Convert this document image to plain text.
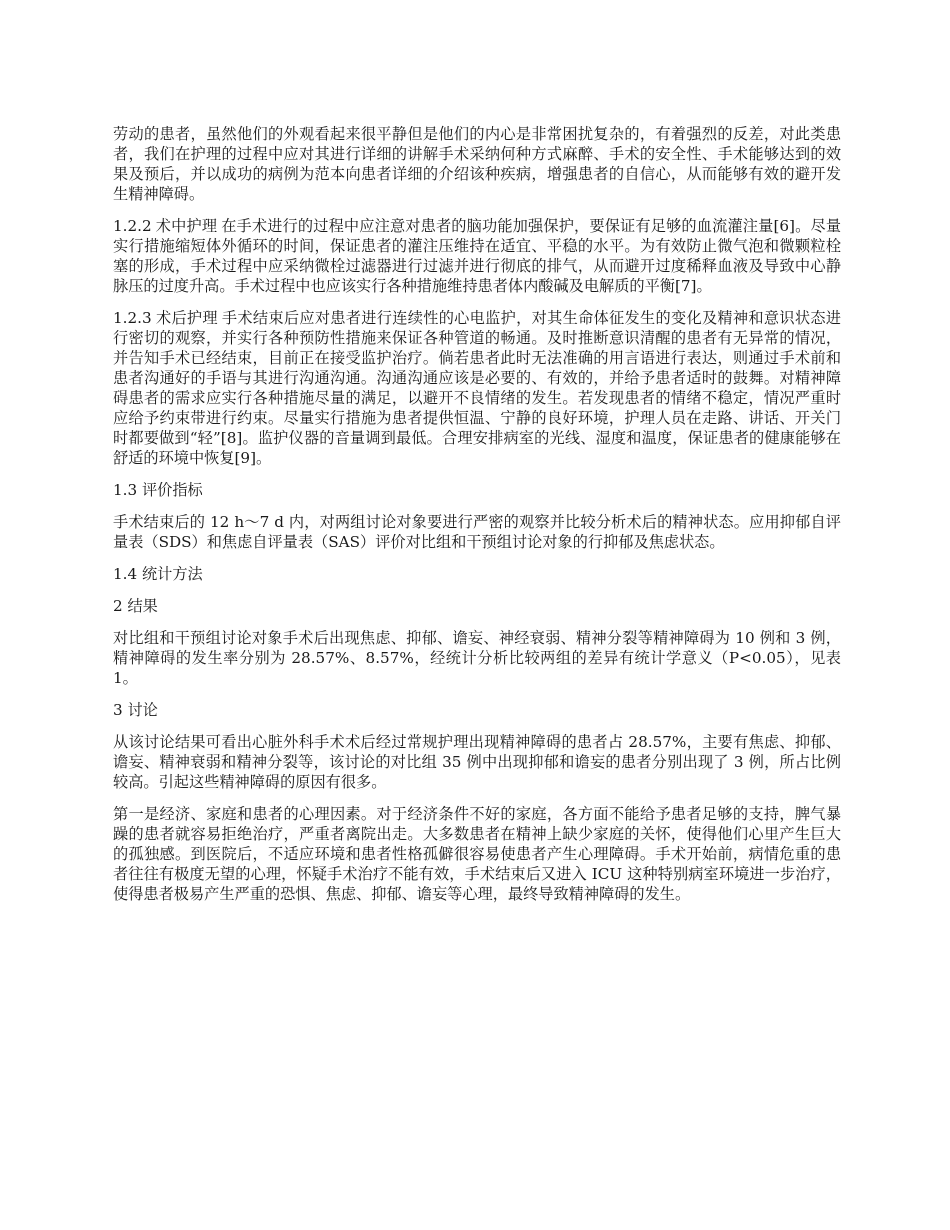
劳动的患者，虽然他们的外观看起来很平静但是他们的内心是非常困扰复杂的，有着强烈的反差，对此类患者，我们在护理的过程中应对其进行详细的讲解手术采纳何种方式麻醉、手术的安全性、手术能够达到的效果及预后，并以成功的病例为范本向患者详细的介绍该种疾病，增强患者的自信心，从而能够有效的避开发生精神障碍。

1.2.2 术中护理 在手术进行的过程中应注意对患者的脑功能加强保护，要保证有足够的血流灌注量[6]。尽量实行措施缩短体外循环的时间，保证患者的灌注压维持在适宜、平稳的水平。为有效防止微气泡和微颗粒栓塞的形成，手术过程中应采纳微栓过滤器进行过滤并进行彻底的排气，从而避开过度稀释血液及导致中心静脉压的过度升高。手术过程中也应该实行各种措施维持患者体内酸碱及电解质的平衡[7]。

1.2.3 术后护理 手术结束后应对患者进行连续性的心电监护，对其生命体征发生的变化及精神和意识状态进行密切的观察，并实行各种预防性措施来保证各种管道的畅通。及时推断意识清醒的患者有无异常的情况，并告知手术已经结束，目前正在接受监护治疗。倘若患者此时无法准确的用言语进行表达，则通过手术前和患者沟通好的手语与其进行沟通沟通。沟通沟通应该是必要的、有效的，并给予患者适时的鼓舞。对精神障碍患者的需求应实行各种措施尽量的满足，以避开不良情绪的发生。若发现患者的情绪不稳定，情况严重时应给予约束带进行约束。尽量实行措施为患者提供恒温、宁静的良好环境，护理人员在走路、讲话、开关门时都要做到“轻”[8]。监护仪器的音量调到最低。合理安排病室的光线、湿度和温度，保证患者的健康能够在舒适的环境中恢复[9]。

1.3 评价指标

手术结束后的 12 h～7 d 内，对两组讨论对象要进行严密的观察并比较分析术后的精神状态。应用抑郁自评量表（SDS）和焦虑自评量表（SAS）评价对比组和干预组讨论对象的行抑郁及焦虑状态。

1.4 统计方法

2 结果

对比组和干预组讨论对象手术后出现焦虑、抑郁、谵妄、神经衰弱、精神分裂等精神障碍为 10 例和 3 例，精神障碍的发生率分别为 28.57%、8.57%，经统计分析比较两组的差异有统计学意义（P<0.05），见表 1。

3 讨论

从该讨论结果可看出心脏外科手术术后经过常规护理出现精神障碍的患者占 28.57%，主要有焦虑、抑郁、谵妄、精神衰弱和精神分裂等，该讨论的对比组 35 例中出现抑郁和谵妄的患者分别出现了 3 例，所占比例较高。引起这些精神障碍的原因有很多。

第一是经济、家庭和患者的心理因素。对于经济条件不好的家庭，各方面不能给予患者足够的支持，脾气暴躁的患者就容易拒绝治疗，严重者离院出走。大多数患者在精神上缺少家庭的关怀，使得他们心里产生巨大的孤独感。到医院后，不适应环境和患者性格孤僻很容易使患者产生心理障碍。手术开始前，病情危重的患者往往有极度无望的心理，怀疑手术治疗不能有效，手术结束后又进入 ICU 这种特别病室环境进一步治疗，使得患者极易产生严重的恐惧、焦虑、抑郁、谵妄等心理，最终导致精神障碍的发生。
